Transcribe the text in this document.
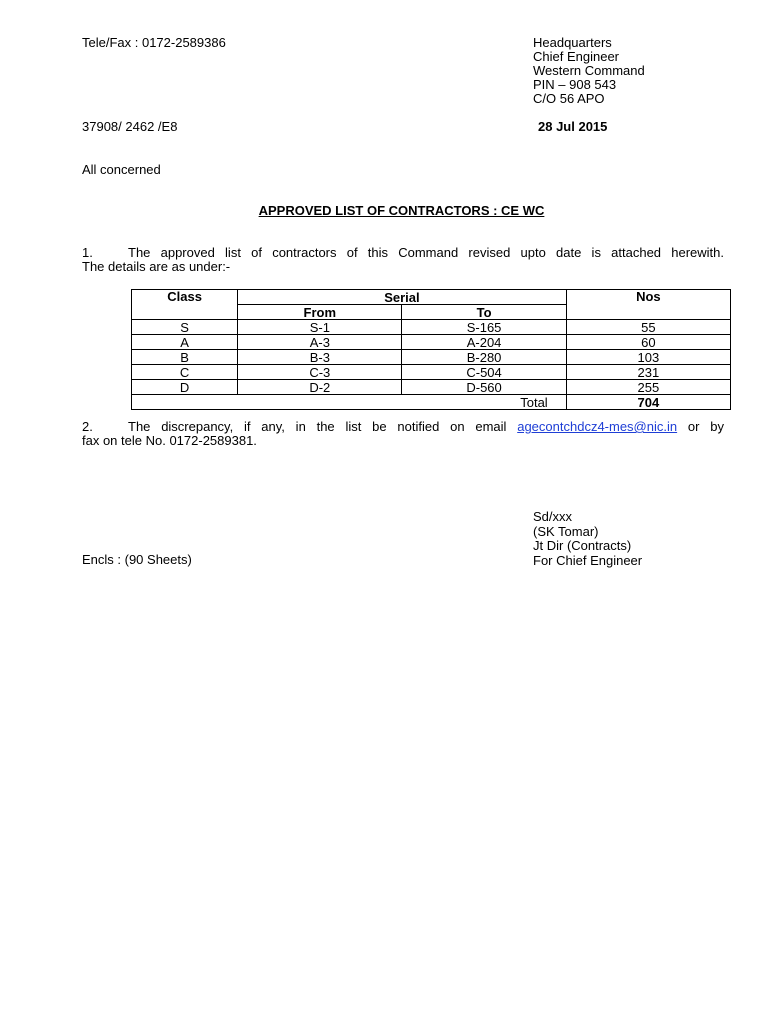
Tele/Fax : 0172-2589386	Headquarters
Chief Engineer
Western Command
PIN – 908 543
C/O 56 APO
37908/ 2462 /E8	28 Jul 2015
All concerned
APPROVED LIST OF CONTRACTORS : CE WC
1.	The approved list of contractors of this Command revised upto date is attached herewith.
The details are as under:-
Class	Serial		Nos
	From	To	
S	S-1	S-165	55
A	A-3	A-204	60
B	B-3	B-280	103
C	C-3	C-504	231
D	D-2	D-560	255
Total			704
2.	The discrepancy, if any, in the list be notified on email agecontchdcz4-mes@nic.in or by
fax on tele No. 0172-2589381.
Sd/xxx
(SK Tomar)
Jt Dir (Contracts)
For Chief Engineer
Encls : (90 Sheets)
